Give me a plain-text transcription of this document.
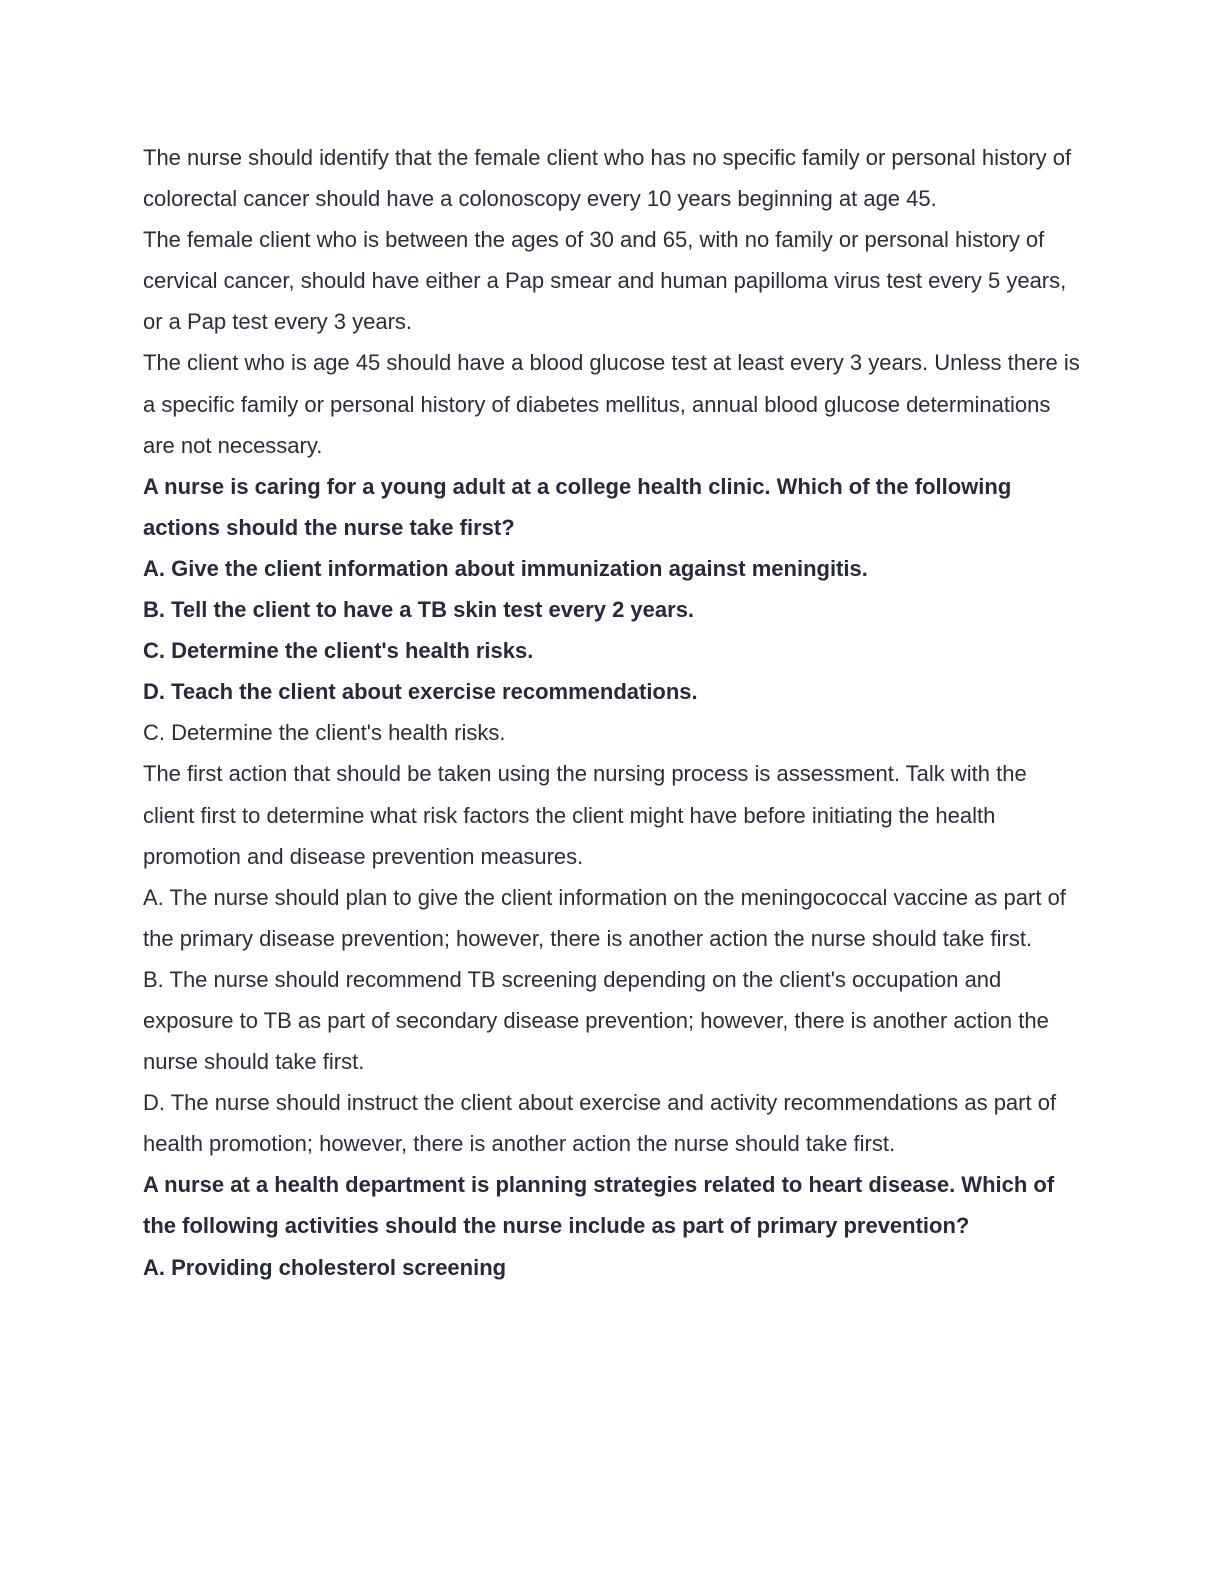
The nurse should identify that the female client who has no specific family or personal history of colorectal cancer should have a colonoscopy every 10 years beginning at age 45.

The female client who is between the ages of 30 and 65, with no family or personal history of cervical cancer, should have either a Pap smear and human papilloma virus test every 5 years, or a Pap test every 3 years.

The client who is age 45 should have a blood glucose test at least every 3 years. Unless there is a specific family or personal history of diabetes mellitus, annual blood glucose determinations are not necessary.

A nurse is caring for a young adult at a college health clinic. Which of the following actions should the nurse take first?

A. Give the client information about immunization against meningitis.

B. Tell the client to have a TB skin test every 2 years.

C. Determine the client's health risks.

D. Teach the client about exercise recommendations.

C. Determine the client's health risks.

The first action that should be taken using the nursing process is assessment. Talk with the client first to determine what risk factors the client might have before initiating the health promotion and disease prevention measures.

A. The nurse should plan to give the client information on the meningococcal vaccine as part of the primary disease prevention; however, there is another action the nurse should take first.

B. The nurse should recommend TB screening depending on the client's occupation and exposure to TB as part of secondary disease prevention; however, there is another action the nurse should take first.

D. The nurse should instruct the client about exercise and activity recommendations as part of health promotion; however, there is another action the nurse should take first.

A nurse at a health department is planning strategies related to heart disease. Which of the following activities should the nurse include as part of primary prevention?

A. Providing cholesterol screening
